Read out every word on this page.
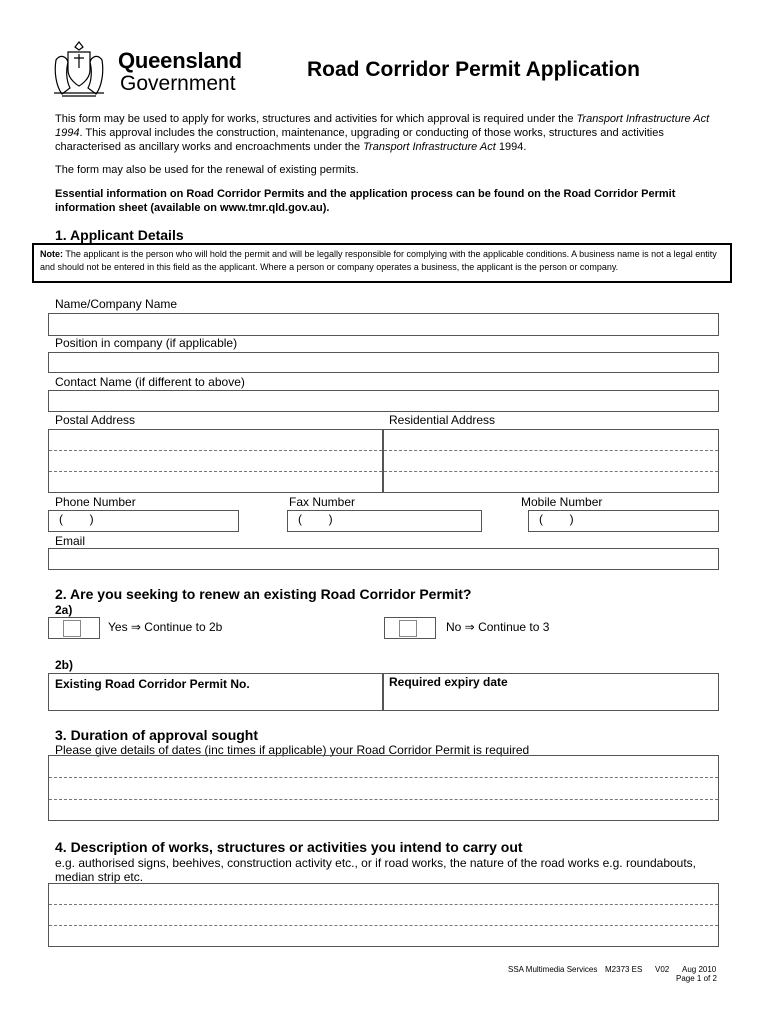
Queensland
Government
Road Corridor Permit Application
This form may be used to apply for works, structures and activities for which approval is required under the Transport Infrastructure Act 1994. This approval includes the construction, maintenance, upgrading or conducting of those works, structures and activities characterised as ancillary works and encroachments under the Transport Infrastructure Act 1994.
The form may also be used for the renewal of existing permits.
Essential information on Road Corridor Permits and the application process can be found on the Road Corridor Permit information sheet (available on www.tmr.qld.gov.au).
1. Applicant Details
Note: The applicant is the person who will hold the permit and will be legally responsible for complying with the applicable conditions. A business name is not a legal entity and should not be entered in this field as the applicant. Where a person or company operates a business, the applicant is the person or company.
Name/Company Name
Position in company (if applicable)
Contact Name (if different to above)
Postal Address	Residential Address
Phone Number	Fax Number	Mobile Number
(        )	(        )	(        )
Email
2. Are you seeking to renew an existing Road Corridor Permit?
2a)
Yes ⇒ Continue to 2b	No ⇒ Continue to 3
2b)
Existing Road Corridor Permit No.	Required expiry date
3. Duration of approval sought
Please give details of dates (inc times if applicable) your Road Corridor Permit is required
4. Description of works, structures or activities you intend to carry out
e.g. authorised signs, beehives, construction activity etc., or if road works, the nature of the road works e.g. roundabouts, median strip etc.
SSA Multimedia Services M2373 ES V02 Aug 2010
Page 1 of 2
